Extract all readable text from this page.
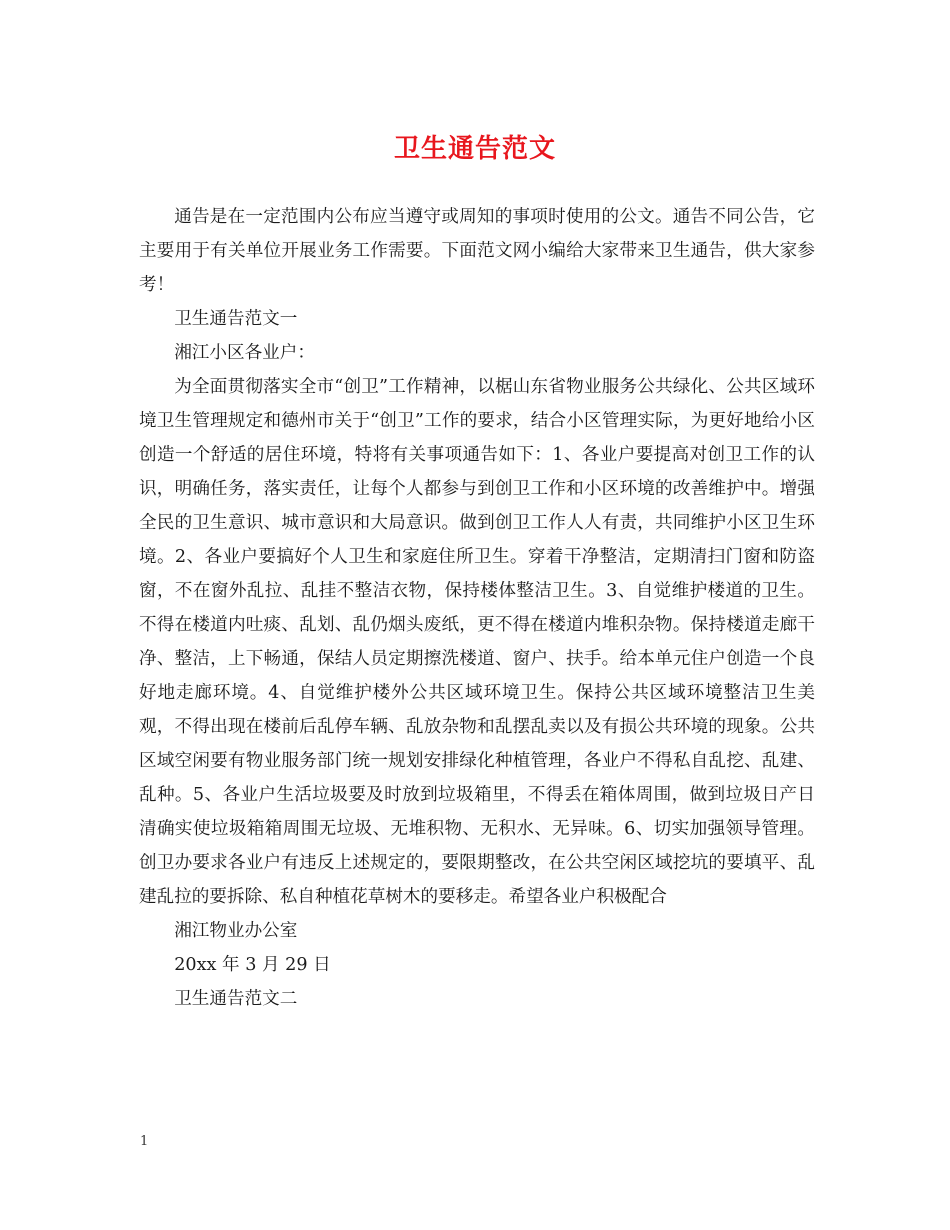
卫生通告范文

通告是在一定范围内公布应当遵守或周知的事项时使用的公文。通告不同公告，它主要用于有关单位开展业务工作需要。下面范文网小编给大家带来卫生通告，供大家参考！

卫生通告范文一

湘江小区各业户：

为全面贯彻落实全市“创卫”工作精神，以椐山东省物业服务公共绿化、公共区域环境卫生管理规定和德州市关于“创卫”工作的要求，结合小区管理实际，为更好地给小区创造一个舒适的居住环境，特将有关事项通告如下：1、各业户要提高对创卫工作的认识，明确任务，落实责任，让每个人都参与到创卫工作和小区环境的改善维护中。增强全民的卫生意识、城市意识和大局意识。做到创卫工作人人有责，共同维护小区卫生环境。2、各业户要搞好个人卫生和家庭住所卫生。穿着干净整洁，定期清扫门窗和防盗窗，不在窗外乱拉、乱挂不整洁衣物，保持楼体整洁卫生。3、自觉维护楼道的卫生。不得在楼道内吐痰、乱划、乱仍烟头废纸，更不得在楼道内堆积杂物。保持楼道走廊干净、整洁，上下畅通，保结人员定期擦洗楼道、窗户、扶手。给本单元住户创造一个良好地走廊环境。4、自觉维护楼外公共区域环境卫生。保持公共区域环境整洁卫生美观，不得出现在楼前后乱停车辆、乱放杂物和乱摆乱卖以及有损公共环境的现象。公共区域空闲要有物业服务部门统一规划安排绿化种植管理，各业户不得私自乱挖、乱建、乱种。5、各业户生活垃圾要及时放到垃圾箱里，不得丢在箱体周围，做到垃圾日产日清确实使垃圾箱箱周围无垃圾、无堆积物、无积水、无异味。6、切实加强领导管理。创卫办要求各业户有违反上述规定的，要限期整改，在公共空闲区域挖坑的要填平、乱建乱拉的要拆除、私自种植花草树木的要移走。希望各业户积极配合

湘江物业办公室

20xx 年 3 月 29 日

卫生通告范文二

1
